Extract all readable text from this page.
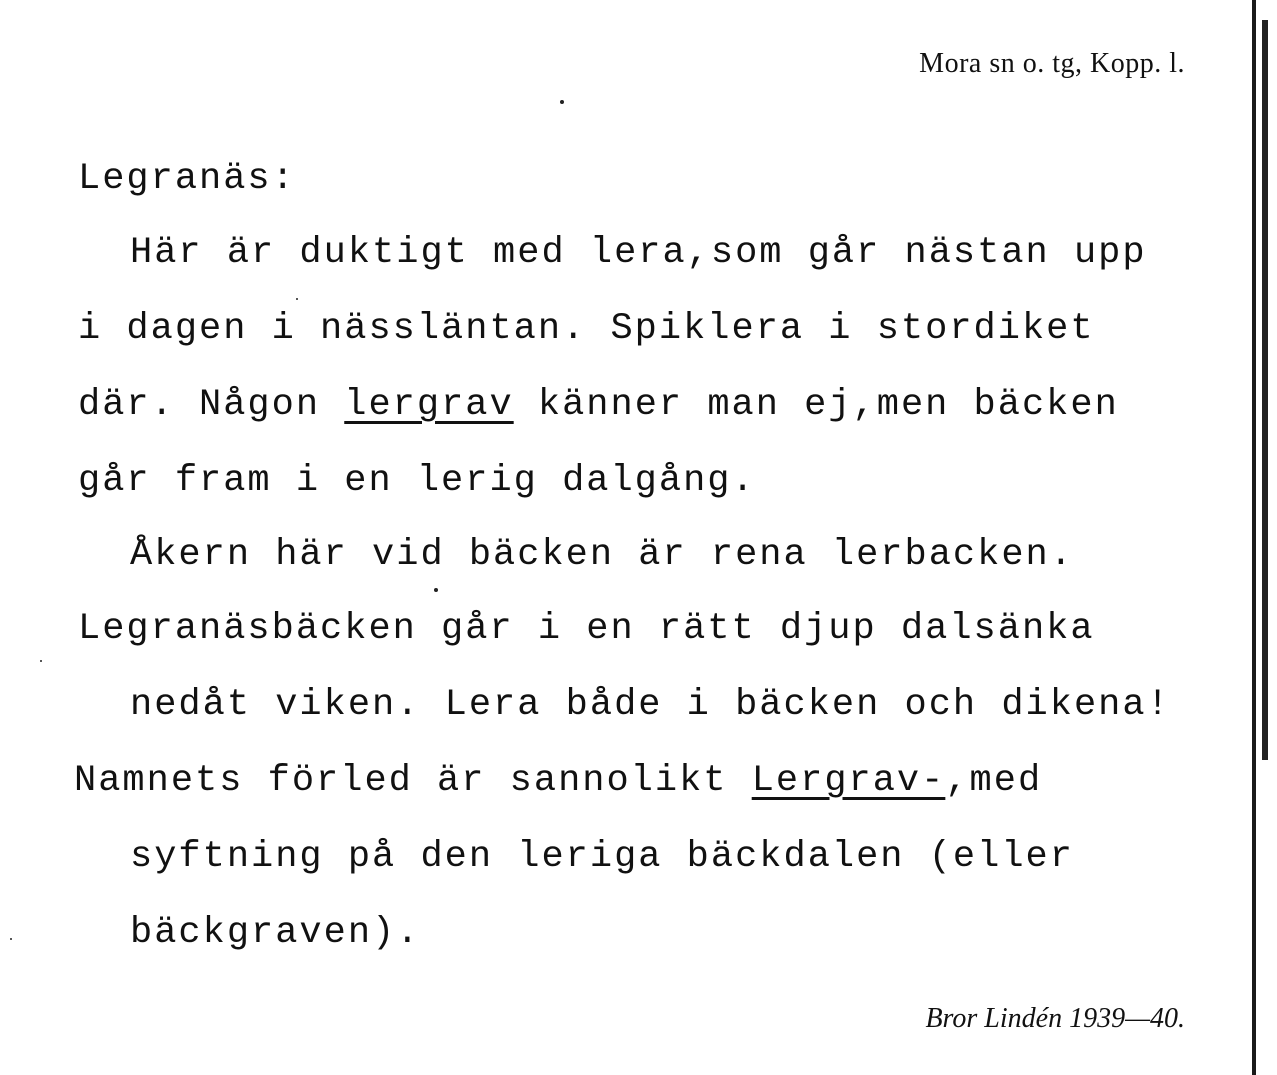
Mora sn o. tg, Kopp. l.
Legranäs:
Här är duktigt med lera,som går nästan upp
i dagen i nässläntan. Spiklera i stordiket
där. Någon lergrav känner man ej,men bäcken
går fram i en lerig dalgång.
Åkern här vid bäcken är rena lerbacken.
Legranäsbäcken går i en rätt djup dalsänka
nedåt viken. Lera både i bäcken och dikena!
Namnets förled är sannolikt Lergrav-,med
syftning på den leriga bäckdalen (eller
bäckgraven).
Bror Lindén 1939—40.
